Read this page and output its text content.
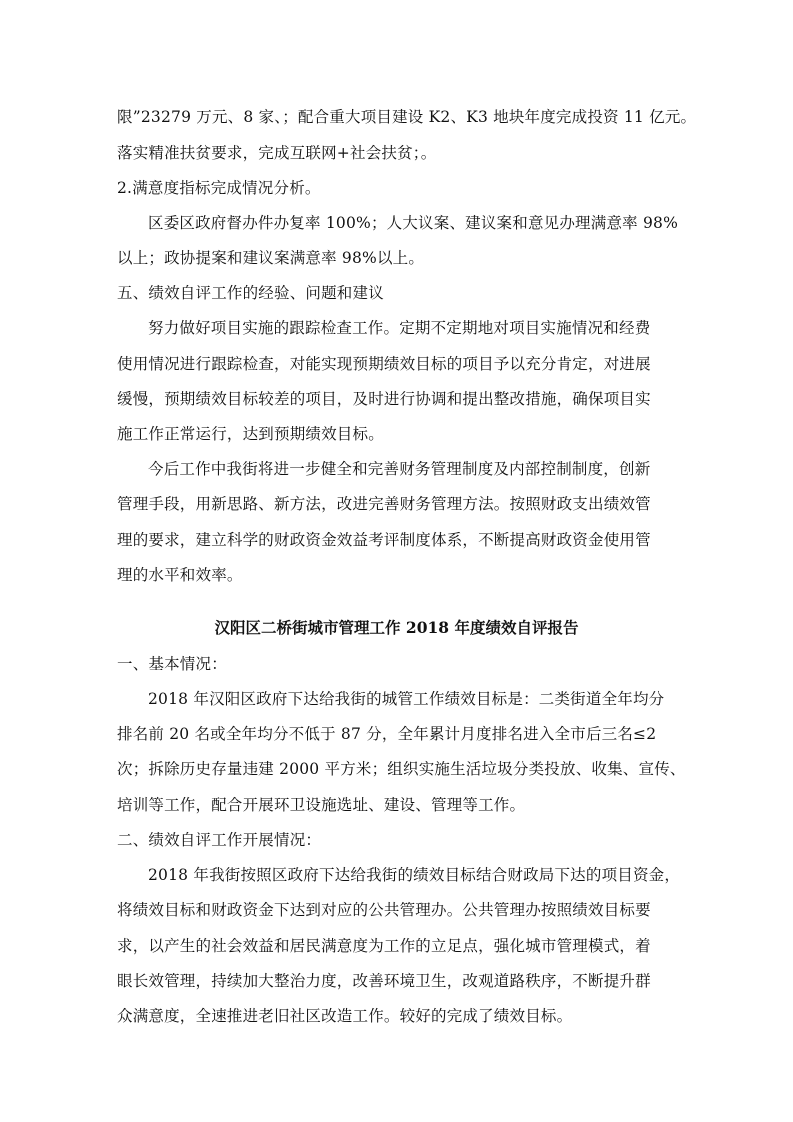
限”23279 万元、8 家、；配合重大项目建设 K2、K3 地块年度完成投资 11 亿元。
落实精准扶贫要求，完成互联网+社会扶贫；。
2.满意度指标完成情况分析。
区委区政府督办件办复率 100%；人大议案、建议案和意见办理满意率 98%
以上；政协提案和建议案满意率 98%以上。
五、绩效自评工作的经验、问题和建议
努力做好项目实施的跟踪检查工作。定期不定期地对项目实施情况和经费
使用情况进行跟踪检查，对能实现预期绩效目标的项目予以充分肯定，对进展
缓慢，预期绩效目标较差的项目，及时进行协调和提出整改措施，确保项目实
施工作正常运行，达到预期绩效目标。
今后工作中我街将进一步健全和完善财务管理制度及内部控制制度，创新
管理手段，用新思路、新方法，改进完善财务管理方法。按照财政支出绩效管
理的要求，建立科学的财政资金效益考评制度体系，不断提高财政资金使用管
理的水平和效率。
汉阳区二桥街城市管理工作 2018 年度绩效自评报告
一、基本情况：
2018 年汉阳区政府下达给我街的城管工作绩效目标是：二类街道全年均分
排名前 20 名或全年均分不低于 87 分，全年累计月度排名进入全市后三名≤2
次；拆除历史存量违建 2000 平方米；组织实施生活垃圾分类投放、收集、宣传、
培训等工作，配合开展环卫设施选址、建设、管理等工作。
二、绩效自评工作开展情况：
2018 年我街按照区政府下达给我街的绩效目标结合财政局下达的项目资金，
将绩效目标和财政资金下达到对应的公共管理办。公共管理办按照绩效目标要
求，以产生的社会效益和居民满意度为工作的立足点，强化城市管理模式，着
眼长效管理，持续加大整治力度，改善环境卫生，改观道路秩序，不断提升群
众满意度，全速推进老旧社区改造工作。较好的完成了绩效目标。
